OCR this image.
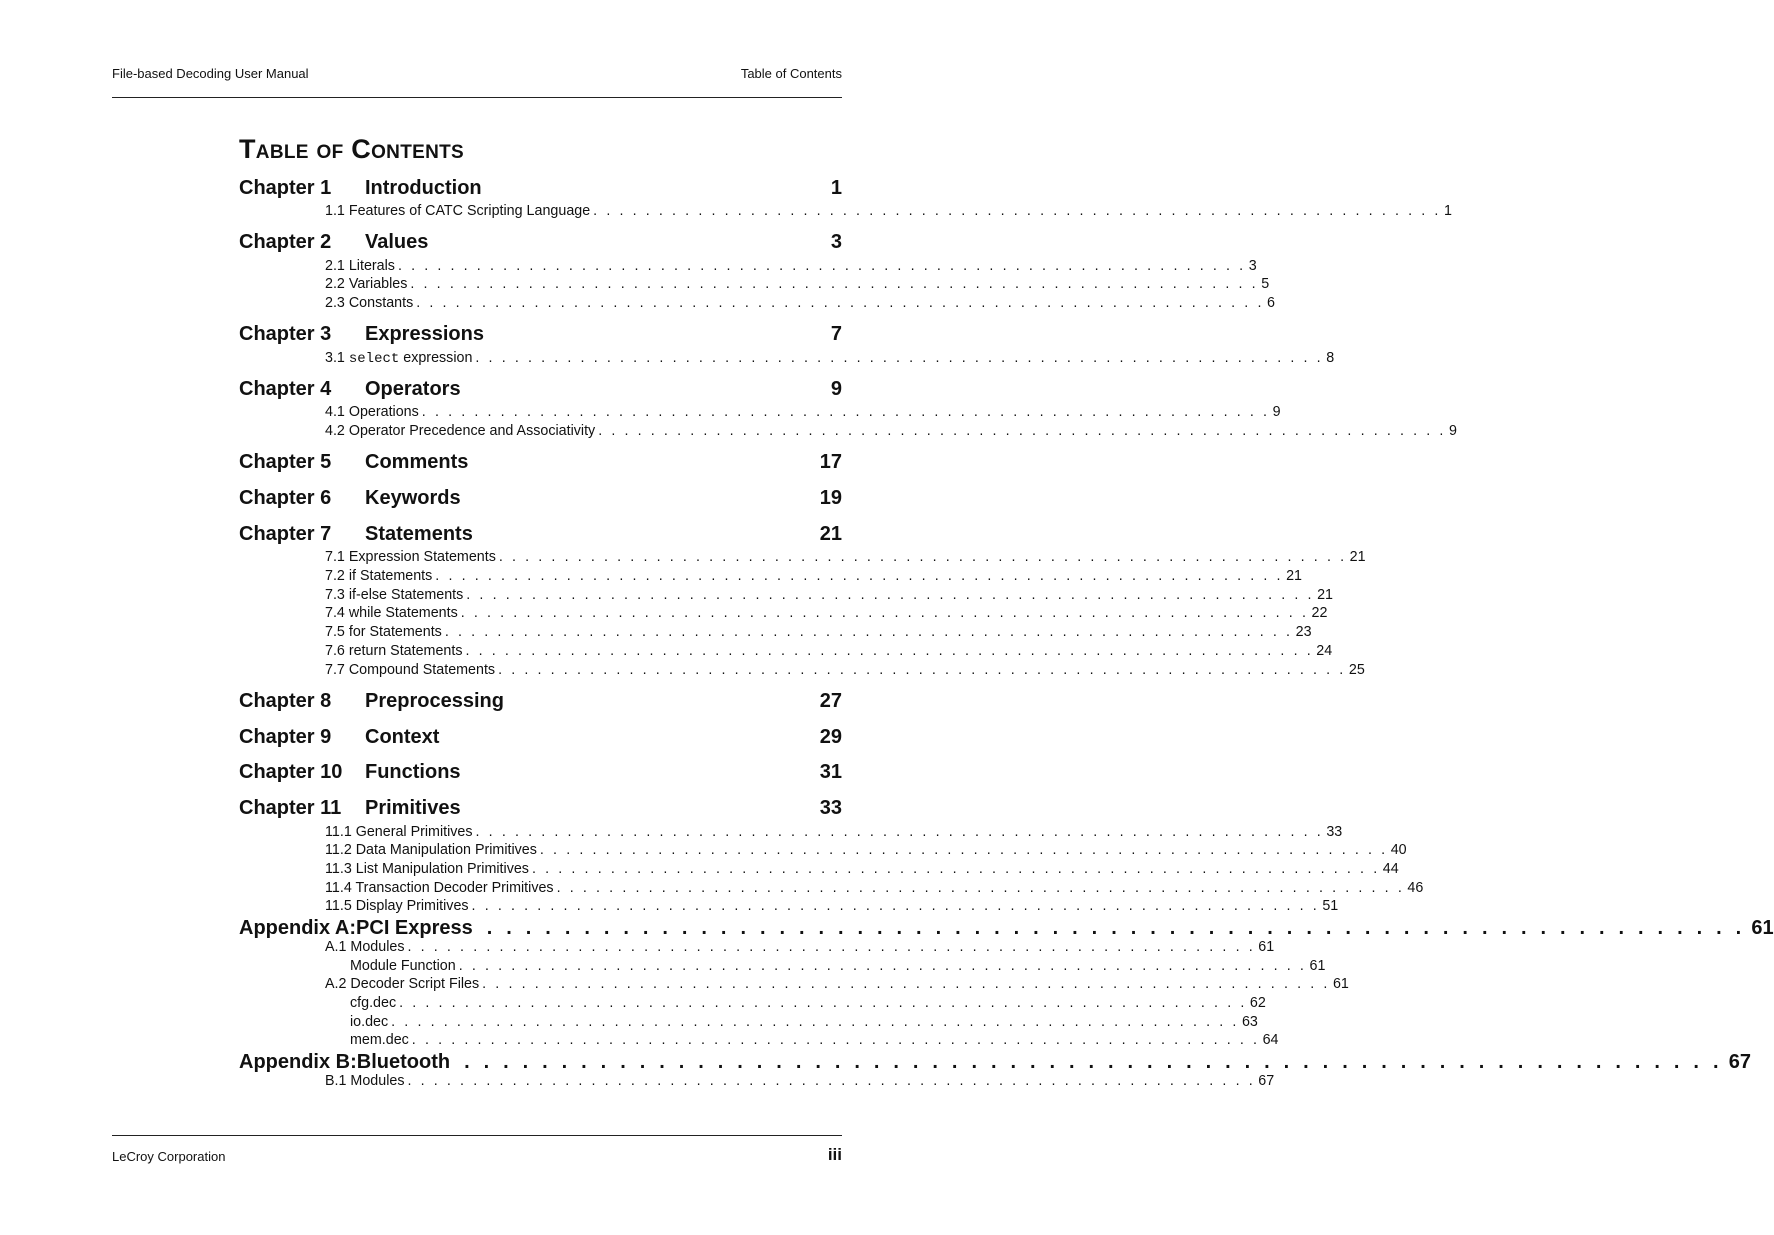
File-based Decoding User Manual	Table of Contents
Table of Contents
Chapter 1 Introduction	1
1.1 Features of CATC Scripting Language . . . . . . . . . . . . . . . . . . . . . . . . . . . . . . . . . . . . . . . . . . . . . . . . . . . . . . . . . . . . . . . . . 1
Chapter 2 Values	3
2.1 Literals . . . . . . . . . . . . . . . . . . . . . . . . . . . . . . . . . . . . . . . . . . . . . . . . . . . . . . . . . . . . . . . . . 3
2.2 Variables . . . . . . . . . . . . . . . . . . . . . . . . . . . . . . . . . . . . . . . . . . . . . . . . . . . . . . . . . . . . . . . . . 5
2.3 Constants . . . . . . . . . . . . . . . . . . . . . . . . . . . . . . . . . . . . . . . . . . . . . . . . . . . . . . . . . . . . . . . . . 6
Chapter 3 Expressions	7
3.1 select expression . . . . . . . . . . . . . . . . . . . . . . . . . . . . . . . . . . . . . . . . . . . . . . . . . . . . . . . . . . . . . . . . . 8
Chapter 4 Operators	9
4.1 Operations . . . . . . . . . . . . . . . . . . . . . . . . . . . . . . . . . . . . . . . . . . . . . . . . . . . . . . . . . . . . . . . . . 9
4.2 Operator Precedence and Associativity . . . . . . . . . . . . . . . . . . . . . . . . . . . . . . . . . . . . . . . . . . . . . . . . . . . . . . . . . . . . . . . . . 9
Chapter 5 Comments	17
Chapter 6 Keywords	19
Chapter 7 Statements	21
7.1 Expression Statements . . . . . . . . . . . . . . . . . . . . . . . . . . . . . . . . . . . . . . . . . . . . . . . . . . . . . . . . . . . . . . . . . 21
7.2 if Statements . . . . . . . . . . . . . . . . . . . . . . . . . . . . . . . . . . . . . . . . . . . . . . . . . . . . . . . . . . . . . . . . . 21
7.3 if-else Statements . . . . . . . . . . . . . . . . . . . . . . . . . . . . . . . . . . . . . . . . . . . . . . . . . . . . . . . . . . . . . . . . . 21
7.4 while Statements . . . . . . . . . . . . . . . . . . . . . . . . . . . . . . . . . . . . . . . . . . . . . . . . . . . . . . . . . . . . . . . . . 22
7.5 for Statements . . . . . . . . . . . . . . . . . . . . . . . . . . . . . . . . . . . . . . . . . . . . . . . . . . . . . . . . . . . . . . . . . 23
7.6 return Statements . . . . . . . . . . . . . . . . . . . . . . . . . . . . . . . . . . . . . . . . . . . . . . . . . . . . . . . . . . . . . . . . . 24
7.7 Compound Statements . . . . . . . . . . . . . . . . . . . . . . . . . . . . . . . . . . . . . . . . . . . . . . . . . . . . . . . . . . . . . . . . . 25
Chapter 8 Preprocessing	27
Chapter 9 Context	29
Chapter 10 Functions	31
Chapter 11 Primitives	33
11.1 General Primitives . . . . . . . . . . . . . . . . . . . . . . . . . . . . . . . . . . . . . . . . . . . . . . . . . . . . . . . . . . . . . . . . . 33
11.2 Data Manipulation Primitives . . . . . . . . . . . . . . . . . . . . . . . . . . . . . . . . . . . . . . . . . . . . . . . . . . . . . . . . . . . . . . . . . 40
11.3 List Manipulation Primitives . . . . . . . . . . . . . . . . . . . . . . . . . . . . . . . . . . . . . . . . . . . . . . . . . . . . . . . . . . . . . . . . . 44
11.4 Transaction Decoder Primitives . . . . . . . . . . . . . . . . . . . . . . . . . . . . . . . . . . . . . . . . . . . . . . . . . . . . . . . . . . . . . . . . . 46
11.5 Display Primitives . . . . . . . . . . . . . . . . . . . . . . . . . . . . . . . . . . . . . . . . . . . . . . . . . . . . . . . . . . . . . . . . . 51
Appendix A:PCI Express . . . . . . . . . . . . . . . . . . . . . . . . . . . . . . . . . . . . . . . . . . . . . . . . . . . . . . . . . . . . . . . . . 61
A.1 Modules . . . . . . . . . . . . . . . . . . . . . . . . . . . . . . . . . . . . . . . . . . . . . . . . . . . . . . . . . . . . . . . . . 61
Module Function . . . . . . . . . . . . . . . . . . . . . . . . . . . . . . . . . . . . . . . . . . . . . . . . . . . . . . . . . . . . . . . . . 61
A.2 Decoder Script Files . . . . . . . . . . . . . . . . . . . . . . . . . . . . . . . . . . . . . . . . . . . . . . . . . . . . . . . . . . . . . . . . . 61
cfg.dec . . . . . . . . . . . . . . . . . . . . . . . . . . . . . . . . . . . . . . . . . . . . . . . . . . . . . . . . . . . . . . . . . 62
io.dec . . . . . . . . . . . . . . . . . . . . . . . . . . . . . . . . . . . . . . . . . . . . . . . . . . . . . . . . . . . . . . . . . 63
mem.dec . . . . . . . . . . . . . . . . . . . . . . . . . . . . . . . . . . . . . . . . . . . . . . . . . . . . . . . . . . . . . . . . . 64
Appendix B:Bluetooth . . . . . . . . . . . . . . . . . . . . . . . . . . . . . . . . . . . . . . . . . . . . . . . . . . . . . . . . . . . . . . . . . 67
B.1 Modules . . . . . . . . . . . . . . . . . . . . . . . . . . . . . . . . . . . . . . . . . . . . . . . . . . . . . . . . . . . . . . . . . 67
LeCroy Corporation	iii
